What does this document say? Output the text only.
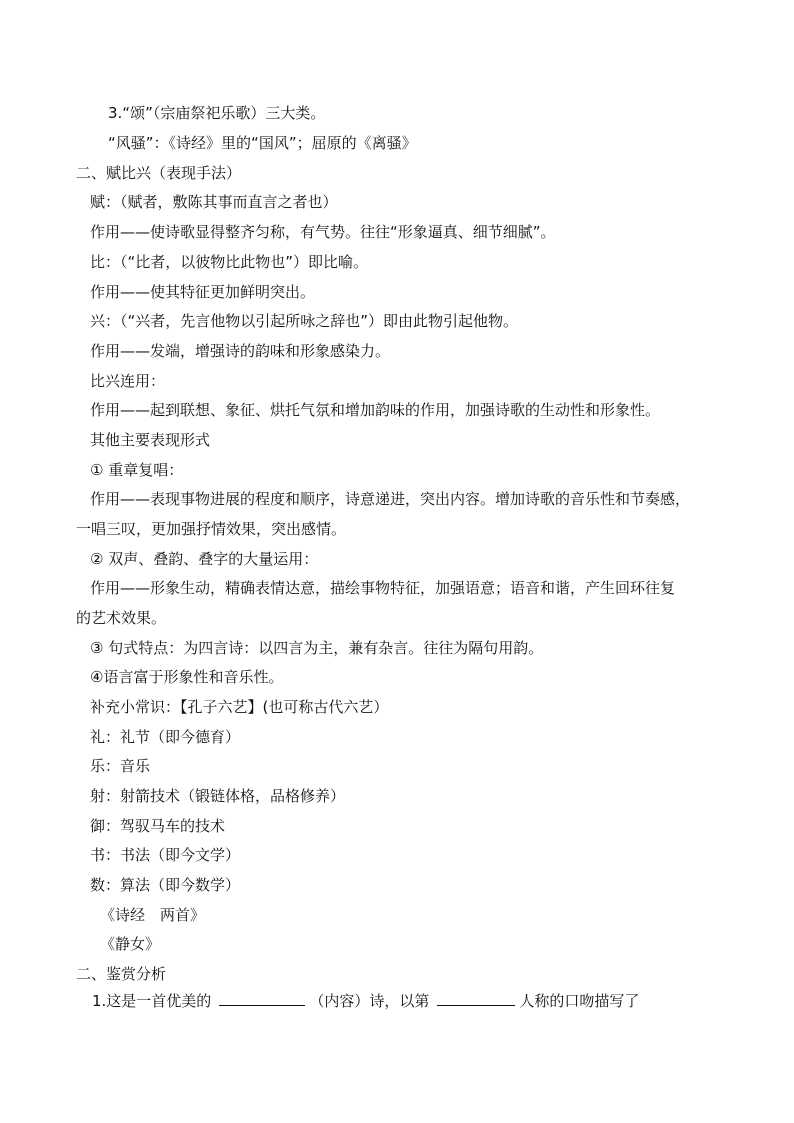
3.“颂”（宗庙祭祀乐歌）三大类。
“风骚”：《诗经》里的“国风”；屈原的《离骚》
二、赋比兴（表现手法）
赋：（赋者，敷陈其事而直言之者也）
作用——使诗歌显得整齐匀称，有气势。往往“形象逼真、细节细腻”。
比：（“比者，以彼物比此物也”）即比喻。
作用——使其特征更加鲜明突出。
兴：（“兴者，先言他物以引起所咏之辞也”）即由此物引起他物。
作用——发端，增强诗的韵味和形象感染力。
比兴连用：
作用——起到联想、象征、烘托气氛和增加韵味的作用，加强诗歌的生动性和形象性。
其他主要表现形式
① 重章复唱：
作用——表现事物进展的程度和顺序，诗意递进，突出内容。增加诗歌的音乐性和节奏感，
一唱三叹，更加强抒情效果，突出感情。
② 双声、叠韵、叠字的大量运用：
作用——形象生动，精确表情达意，描绘事物特征，加强语意；语音和谐，产生回环往复
的艺术效果。
③ 句式特点：为四言诗：以四言为主，兼有杂言。往往为隔句用韵。
④语言富于形象性和音乐性。
补充小常识：【孔子六艺】(也可称古代六艺）
礼：礼节（即今德育）
乐：音乐
射：射箭技术（锻链体格，品格修养）
御：驾驭马车的技术
书：书法（即今文学）
数：算法（即今数学）
《诗经　两首》
《静女》
二、鉴赏分析
1.这是一首优美的	（内容）诗，以第	人称的口吻描写了
